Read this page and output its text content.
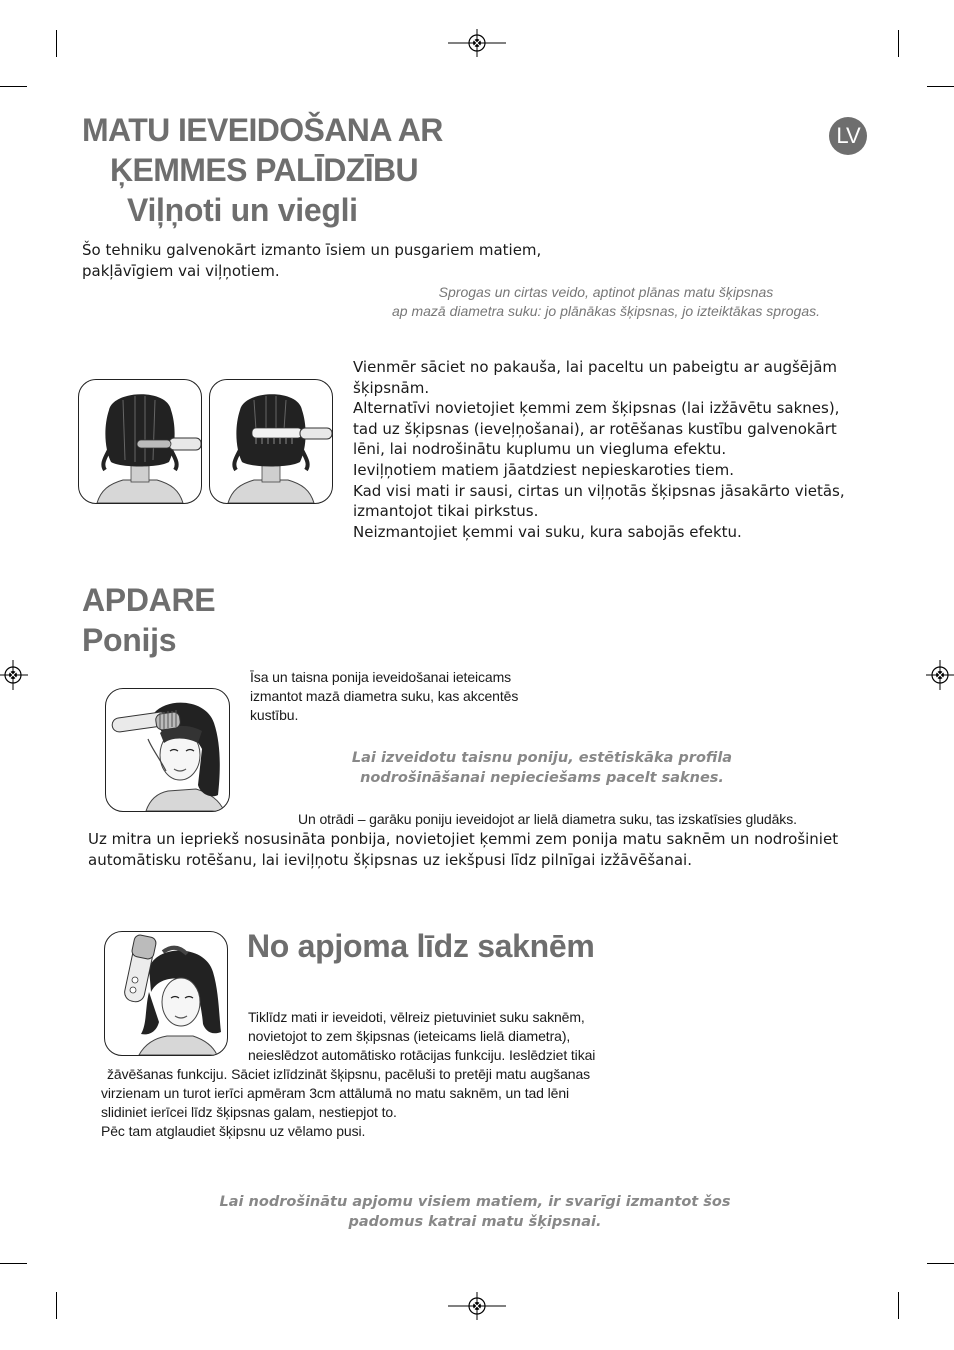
LV
MATU IEVEIDOŠANA AR
ĶEMMES PALĪDZĪBU
Viļņoti un viegli
Šo tehniku galvenokārt izmanto īsiem un pusgariem matiem,
pakļāvīgiem vai viļņotiem.
Sprogas un cirtas veido, aptinot plānas matu šķipsnas
ap mazā diametra suku: jo plānākas šķipsnas, jo izteiktākas sprogas.
Vienmēr sāciet no pakauša, lai paceltu un pabeigtu ar augšējām
šķipsnām.
Alternatīvi novietojiet ķemmi zem šķipsnas (lai izžāvētu saknes),
tad uz šķipsnas (ieveļņošanai), ar rotēšanas kustību galvenokārt
lēni, lai nodrošinātu kuplumu un viegluma efektu.
Ieviļņotiem matiem jāatdziest nepieskaroties tiem.
Kad visi mati ir sausi, cirtas un viļņotās šķipsnas jāsakārto vietās,
izmantojot tikai pirkstus.
Neizmantojiet ķemmi vai suku, kura sabojās efektu.
APDARE
Ponijs
Īsa un taisna ponija ieveidošanai ieteicams
izmantot mazā diametra suku, kas akcentēs
kustību.
Lai izveidotu taisnu poniju, estētiskāka profila
nodrošināšanai nepieciešams pacelt saknes.
Un otrādi – garāku poniju ieveidojot ar lielā diametra suku, tas izskatīsies gludāks.
Uz mitra un iepriekš nosusināta ponbija, novietojiet ķemmi zem ponija matu saknēm un nodrošiniet
automātisku rotēšanu, lai ieviļņotu šķipsnas uz iekšpusi līdz pilnīgai izžāvēšanai.
No apjoma līdz saknēm
Tiklīdz mati ir ieveidoti, vēlreiz pietuviniet suku saknēm,
novietojot to zem šķipsnas (ieteicams lielā diametra),
neieslēdzot automātisko rotācijas funkciju. Ieslēdziet tikai
žāvēšanas funkciju. Sāciet izlīdzināt šķipsnu, pacēluši to pretēji matu augšanas
virzienam un turot ierīci apmēram 3cm attālumā no matu saknēm, un tad lēni
slidiniet ierīcei līdz šķipsnas galam, nestiepjot to.
Pēc tam atglaudiet šķipsnu uz vēlamo pusi.
Lai nodrošinātu apjomu visiem matiem, ir svarīgi izmantot šos
padomus katrai matu šķipsnai.
